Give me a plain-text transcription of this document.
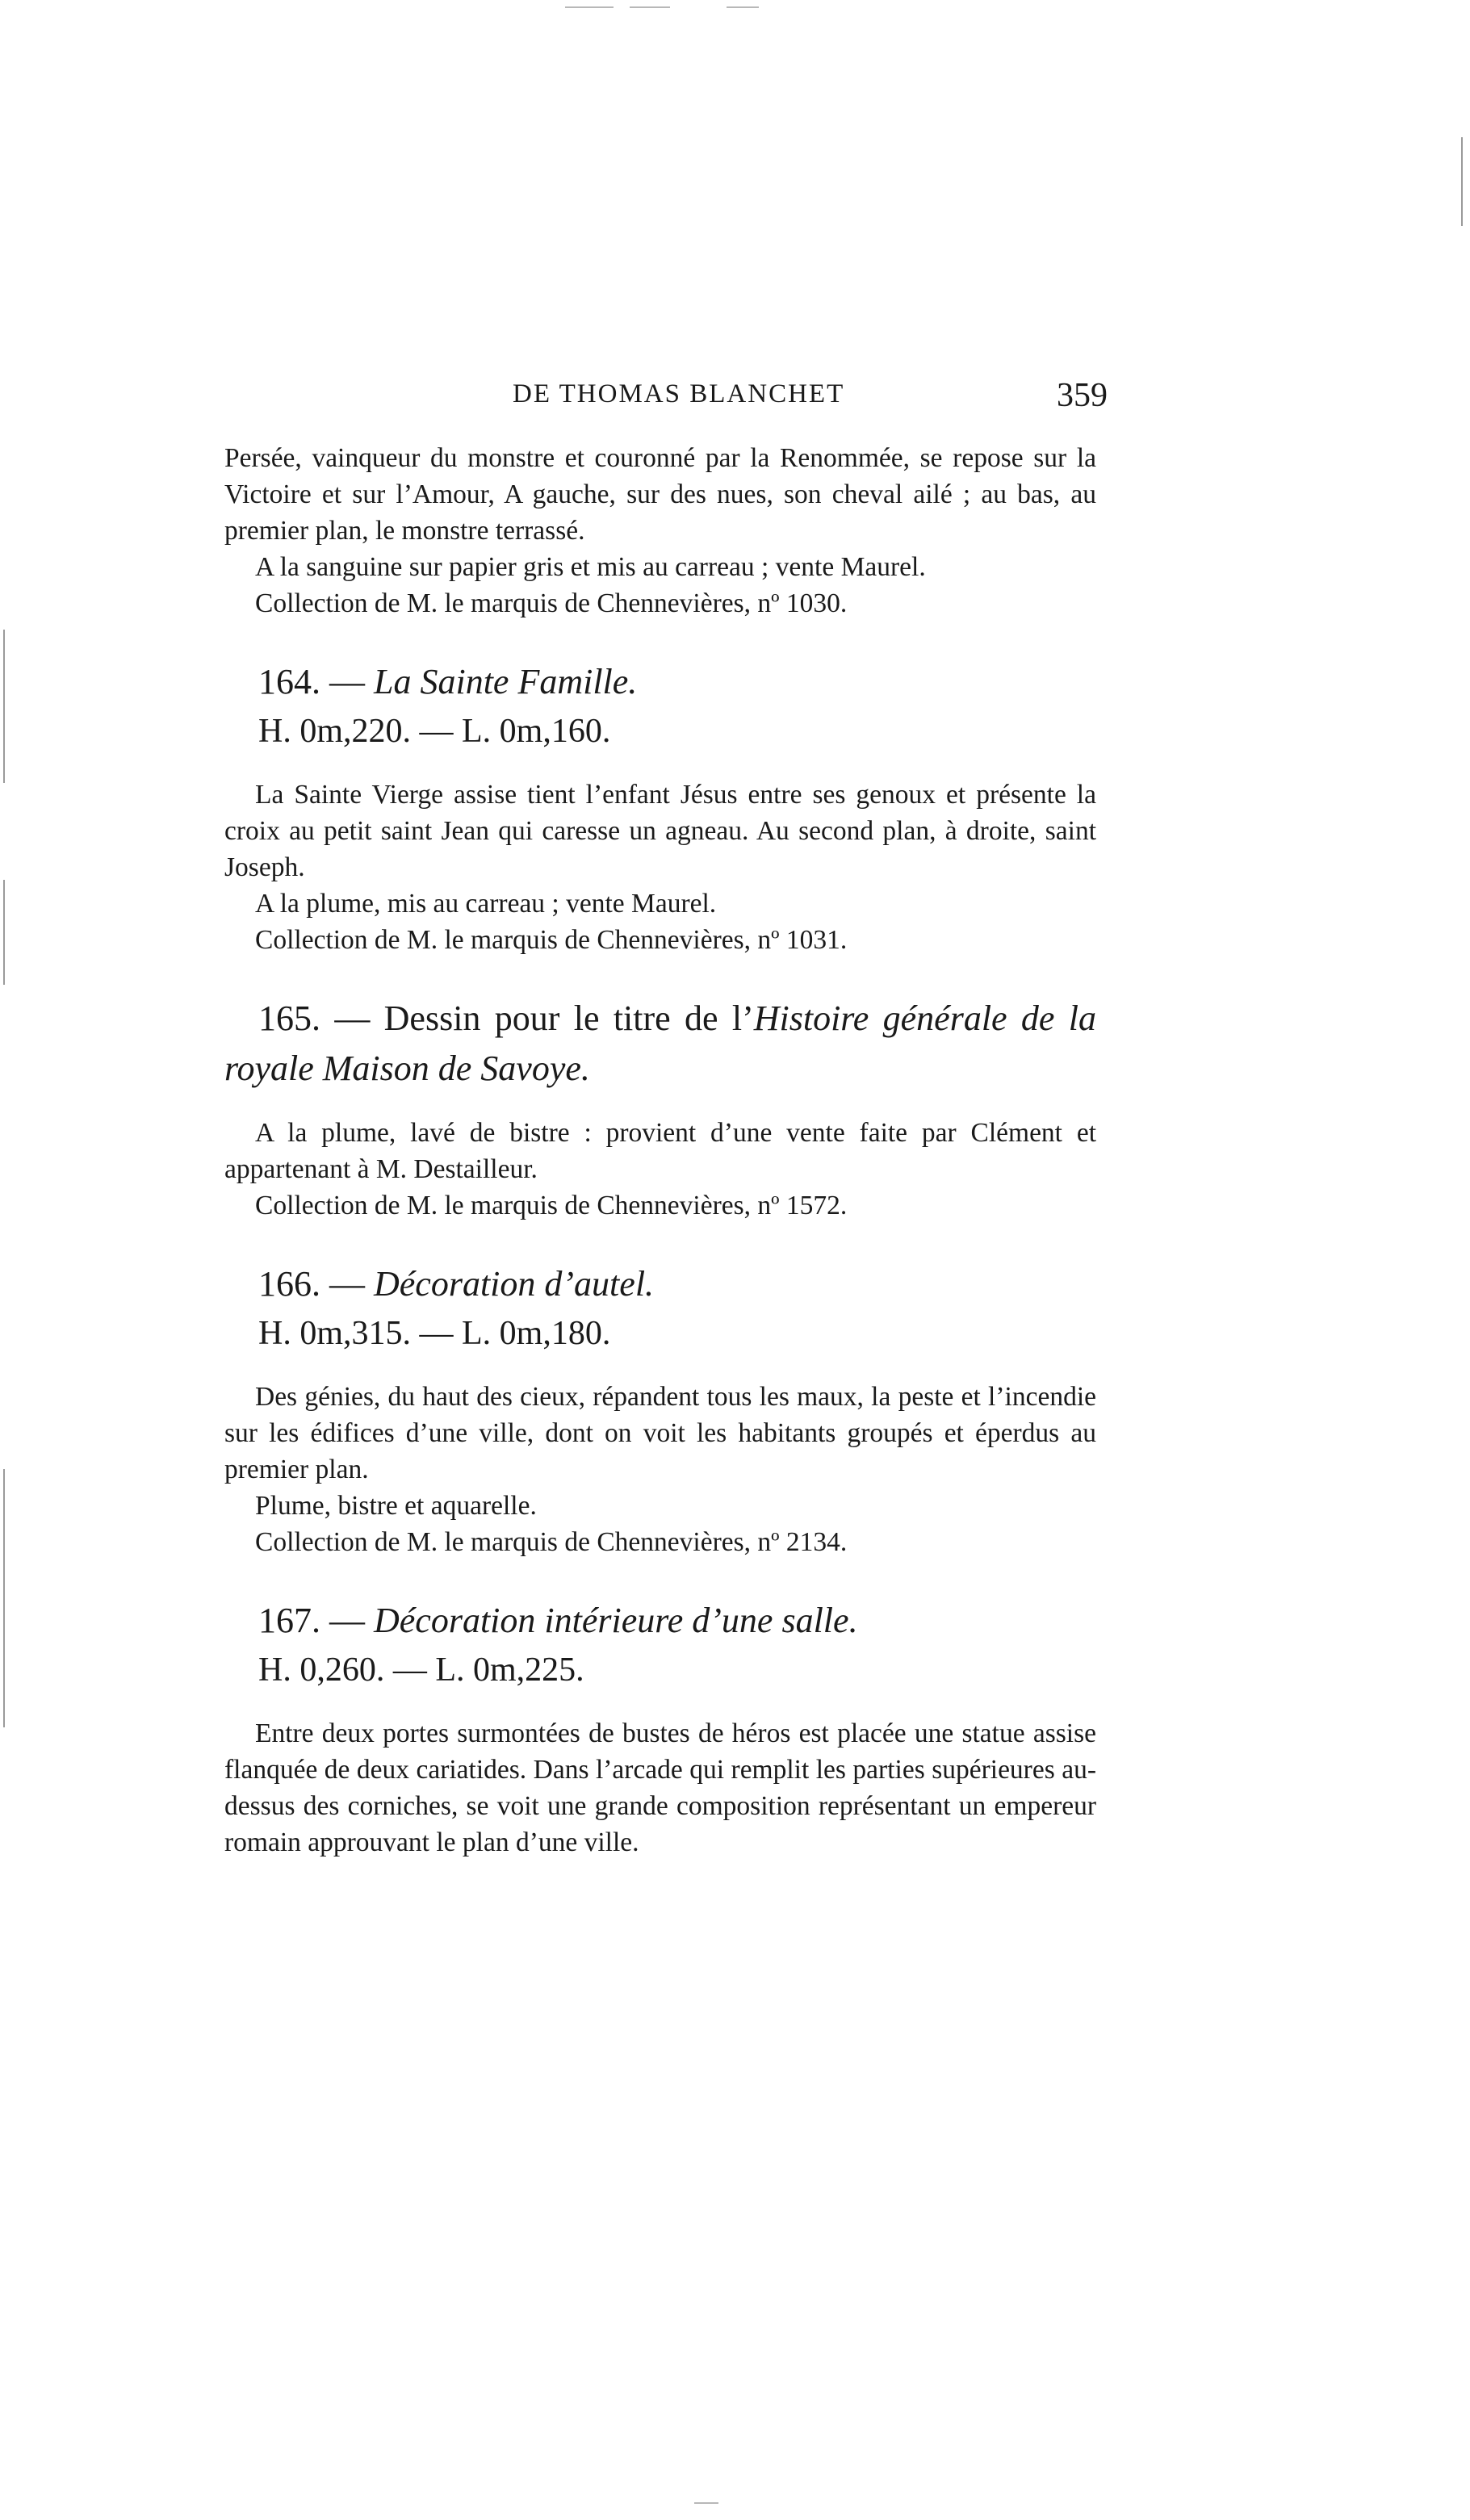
DE THOMAS BLANCHET	359

Persée, vainqueur du monstre et couronné par la Renommée, se repose sur la Victoire et sur l’Amour, A gauche, sur des nues, son cheval ailé ; au bas, au premier plan, le monstre terrassé.

A la sanguine sur papier gris et mis au carreau ; vente Maurel.

Collection de M. le marquis de Chennevières, nº 1030.

164. — La Sainte Famille.

H. 0m,220. — L. 0m,160.

La Sainte Vierge assise tient l’enfant Jésus entre ses genoux et présente la croix au petit saint Jean qui caresse un agneau. Au second plan, à droite, saint Joseph.

A la plume, mis au carreau ; vente Maurel.

Collection de M. le marquis de Chennevières, nº 1031.

165. — Dessin pour le titre de l’Histoire générale de la royale Maison de Savoye.

A la plume, lavé de bistre : provient d’une vente faite par Clément et appartenant à M. Destailleur.

Collection de M. le marquis de Chennevières, nº 1572.

166. — Décoration d’autel.

H. 0m,315. — L. 0m,180.

Des génies, du haut des cieux, répandent tous les maux, la peste et l’incendie sur les édifices d’une ville, dont on voit les habitants groupés et éperdus au premier plan.

Plume, bistre et aquarelle.

Collection de M. le marquis de Chennevières, nº 2134.

167. — Décoration intérieure d’une salle.

H. 0,260. — L. 0m,225.

Entre deux portes surmontées de bustes de héros est placée une statue assise flanquée de deux cariatides. Dans l’arcade qui remplit les parties supérieures au-dessus des corniches, se voit une grande composition représentant un empereur romain approuvant le plan d’une ville.
